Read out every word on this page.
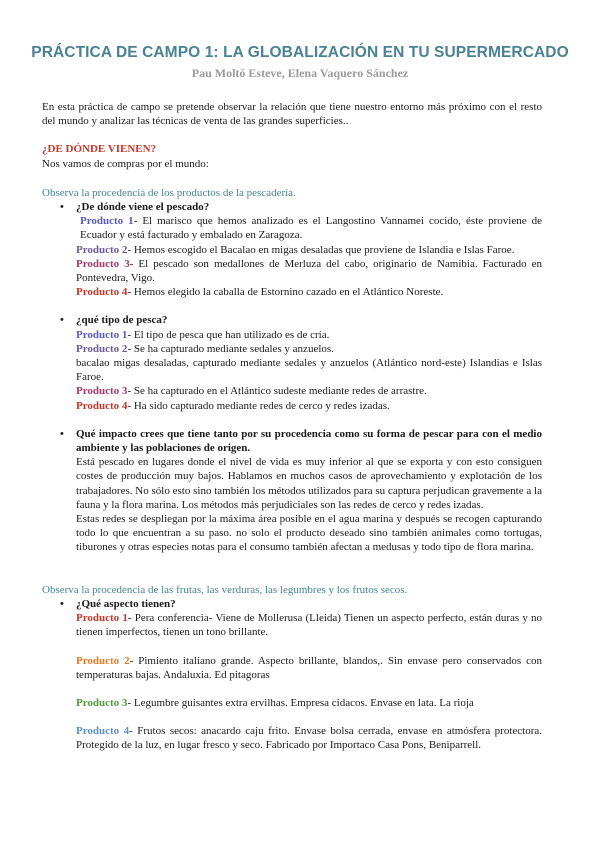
PRÁCTICA DE CAMPO 1: LA GLOBALIZACIÓN EN TU SUPERMERCADO
Pau Moltó Esteve, Elena Vaquero Sánchez
En esta práctica de campo se pretende observar la relación que tiene nuestro entorno más próximo con el resto del mundo y analizar las técnicas de venta de las grandes superficies..
¿DE DÓNDE VIENEN?
Nos vamos de compras por el mundo:
Observa la procedencia de los productos de la pescadería.
•	¿De dónde viene el pescado?
Producto 1- El marisco que hemos analizado es el Langostino Vannamei cocido, éste proviene de Ecuador y está facturado y embalado en Zaragoza.
Producto 2- Hemos escogido el Bacalao en migas desaladas que proviene de Islandia e Islas Faroe.
Producto 3- El pescado son medallones de Merluza del cabo, originario de Namibia. Facturado en Pontevedra, Vigo.
Producto 4- Hemos elegido la caballa de Estornino cazado en el Atlántico Noreste.
•	¿qué tipo de pesca?
Producto 1- El tipo de pesca que han utilizado es de cría.
Producto 2- Se ha capturado mediante sedales y anzuelos.
bacalao migas desaladas, capturado mediante sedales y anzuelos (Atlántico nord-este) Islandias e Islas Faroe.
Producto 3- Se ha capturado en el Atlántico sudeste mediante redes de arrastre.
Producto 4- Ha sido capturado mediante redes de cerco y redes izadas.
•	Qué impacto crees que tiene tanto por su procedencia como su forma de pescar para con el medio ambiente y las poblaciones de origen.
Está pescado en lugares donde el nivel de vida es muy inferior al que se exporta y con esto consiguen costes de producción muy bajos. Hablamos en muchos casos de aprovechamiento y explotación de los trabajadores. No sólo esto sino también los métodos utilizados para su captura perjudican gravemente a la fauna y la flora marina. Los métodos más perjudiciales son las redes de cerco y redes izadas.
Estas redes se despliegan por la máxima área posible en el agua marina y después se recogen capturando todo lo que encuentran a su paso. no solo el producto deseado sino también animales como tortugas, tiburones y otras especies notas para el consumo también afectan a medusas y todo tipo de flora marina.
Observa la procedencia de las frutas, las verduras, las legumbres y los frutos secos.
•	¿Qué aspecto tienen?
Producto 1- Pera conferencia- Viene de Mollerusa (Lleida) Tienen un aspecto perfecto, están duras y no tienen imperfectos, tienen un tono brillante.
Producto 2- Pimiento italiano grande. Aspecto brillante, blandos,. Sin envase pero conservados con temperaturas bajas. Andaluxia. Ed pitagoras
Producto 3- Legumbre guisantes extra ervilhas. Empresa cidacos. Envase en lata. La rioja
Producto 4- Frutos secos: anacardo caju frito. Envase bolsa cerrada, envase en atmósfera protectora. Protegido de la luz, en lugar fresco y seco. Fabricado por Importaco Casa Pons, Beniparrell.
